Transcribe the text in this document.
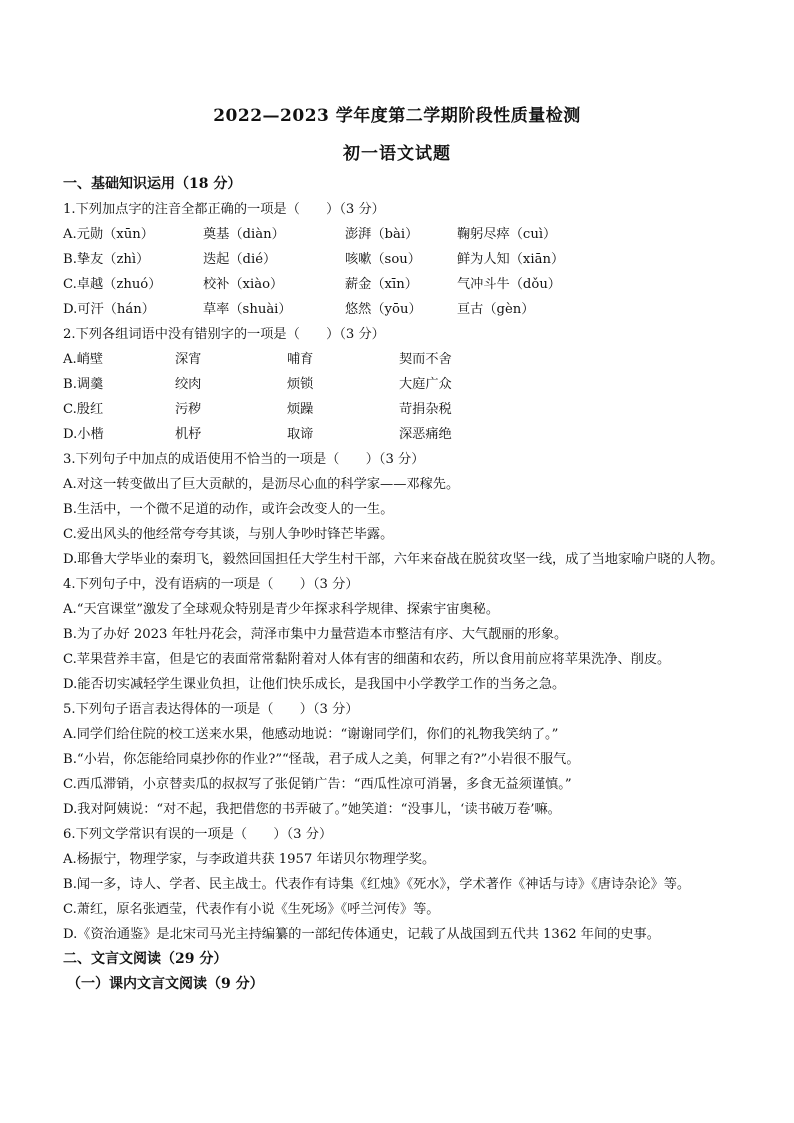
2022—2023 学年度第二学期阶段性质量检测
初一语文试题
一、基础知识运用（18 分）
1.下列加点字的注音全都正确的一项是（　　）（3 分）
A.元勋（xūn）	奠基（diàn）	澎湃（bài）	鞠躬尽瘁（cuì）
B.挚友（zhì）	迭起（dié）	咳嗽（sou）	鲜为人知（xiān）
C.卓越（zhuó）	校补（xiào）	薪金（xīn）	气冲斗牛（dǒu）
D.可汗（hán）	草率（shuài）	悠然（yōu）	亘古（gèn）
2.下列各组词语中没有错别字的一项是（　　）（3 分）
A.峭壁	深宵	哺育	契而不舍
B.调羹	绞肉	烦锁	大庭广众
C.殷红	污秽	烦躁	苛捐杂税
D.小楷	机杼	取谛	深恶痛绝
3.下列句子中加点的成语使用不恰当的一项是（　　）（3 分）
A.对这一转变做出了巨大贡献的，是沥尽心血的科学家——邓稼先。
B.生活中，一个微不足道的动作，或许会改变人的一生。
C.爱出风头的他经常夸夸其谈，与别人争吵时锋芒毕露。
D.耶鲁大学毕业的秦玥飞，毅然回国担任大学生村干部，六年来奋战在脱贫攻坚一线，成了当地家喻户晓的人物。
4.下列句子中，没有语病的一项是（　　）（3 分）
A.“天宫课堂”激发了全球观众特别是青少年探求科学规律、探索宇宙奥秘。
B.为了办好 2023 年牡丹花会，菏泽市集中力量营造本市整洁有序、大气靓丽的形象。
C.苹果营养丰富，但是它的表面常常黏附着对人体有害的细菌和农药，所以食用前应将苹果洗净、削皮。
D.能否切实减轻学生课业负担，让他们快乐成长，是我国中小学教学工作的当务之急。
5.下列句子语言表达得体的一项是（　　）（3 分）
A.同学们给住院的校工送来水果，他感动地说：“谢谢同学们，你们的礼物我笑纳了。”
B.“小岩，你怎能给同桌抄你的作业?”“怪哉，君子成人之美，何罪之有?”小岩很不服气。
C.西瓜滞销，小京替卖瓜的叔叔写了张促销广告：“西瓜性凉可消暑，多食无益须谨慎。”
D.我对阿姨说：“对不起，我把借您的书弄破了。”她笑道：“没事儿，‘读书破万卷’嘛。
6.下列文学常识有误的一项是（　　）（3 分）
A.杨振宁，物理学家，与李政道共获 1957 年诺贝尔物理学奖。
B.闻一多，诗人、学者、民主战士。代表作有诗集《红烛》《死水》，学术著作《神话与诗》《唐诗杂论》等。
C.萧红，原名张迺莹，代表作有小说《生死场》《呼兰河传》等。
D.《资治通鉴》是北宋司马光主持编纂的一部纪传体通史，记载了从战国到五代共 1362 年间的史事。
二、文言文阅读（29 分）
（一）课内文言文阅读（9 分）
